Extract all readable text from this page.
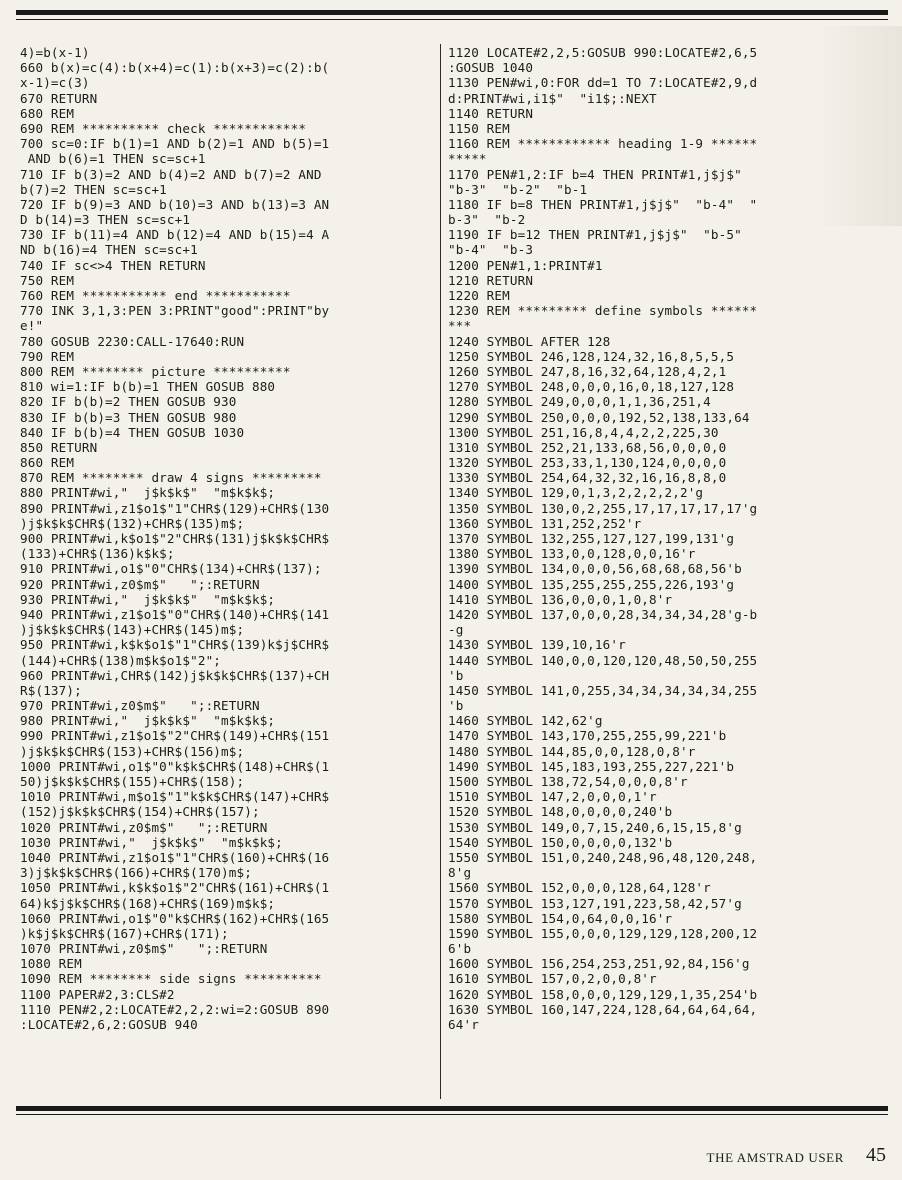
4)=b(x-1)
660 b(x)=c(4):b(x+4)=c(1):b(x+3)=c(2):b(
x-1)=c(3)
670 RETURN
680 REM
690 REM ********** check ************
700 sc=0:IF b(1)=1 AND b(2)=1 AND b(5)=1
AND b(6)=1 THEN sc=sc+1
710 IF b(3)=2 AND b(4)=2 AND b(7)=2 AND
b(7)=2 THEN sc=sc+1
720 IF b(9)=3 AND b(10)=3 AND b(13)=3 AN
D b(14)=3 THEN sc=sc+1
730 IF b(11)=4 AND b(12)=4 AND b(15)=4 A
ND b(16)=4 THEN sc=sc+1
740 IF sc<>4 THEN RETURN
750 REM
760 REM *********** end ***********
770 INK 3,1,3:PEN 3:PRINT"good":PRINT"by
e!"
780 GOSUB 2230:CALL-17640:RUN
790 REM
800 REM ******** picture **********
810 wi=1:IF b(b)=1 THEN GOSUB 880
820 IF b(b)=2 THEN GOSUB 930
830 IF b(b)=3 THEN GOSUB 980
840 IF b(b)=4 THEN GOSUB 1030
850 RETURN
860 REM
870 REM ******** draw 4 signs *********
880 PRINT#wi,"  j$k$k$"  "m$k$k$;
890 PRINT#wi,z1$o1$"1"CHR$(129)+CHR$(130
)j$k$k$CHR$(132)+CHR$(135)m$;
900 PRINT#wi,k$o1$"2"CHR$(131)j$k$k$CHR$
(133)+CHR$(136)k$k$;
910 PRINT#wi,o1$"0"CHR$(134)+CHR$(137);
920 PRINT#wi,z0$m$"   ";:RETURN
930 PRINT#wi,"  j$k$k$"  "m$k$k$;
940 PRINT#wi,z1$o1$"0"CHR$(140)+CHR$(141
)j$k$k$CHR$(143)+CHR$(145)m$;
950 PRINT#wi,k$k$o1$"1"CHR$(139)k$j$CHR$
(144)+CHR$(138)m$k$o1$"2";
960 PRINT#wi,CHR$(142)j$k$k$CHR$(137)+CH
R$(137);
970 PRINT#wi,z0$m$"   ";:RETURN
980 PRINT#wi,"  j$k$k$"  "m$k$k$;
990 PRINT#wi,z1$o1$"2"CHR$(149)+CHR$(151
)j$k$k$CHR$(153)+CHR$(156)m$;
1000 PRINT#wi,o1$"0"k$k$CHR$(148)+CHR$(1
50)j$k$k$CHR$(155)+CHR$(158);
1010 PRINT#wi,m$o1$"1"k$k$CHR$(147)+CHR$
(152)j$k$k$CHR$(154)+CHR$(157);
1020 PRINT#wi,z0$m$"   ";:RETURN
1030 PRINT#wi,"  j$k$k$"  "m$k$k$;
1040 PRINT#wi,z1$o1$"1"CHR$(160)+CHR$(16
3)j$k$k$CHR$(166)+CHR$(170)m$;
1050 PRINT#wi,k$k$o1$"2"CHR$(161)+CHR$(1
64)k$j$k$CHR$(168)+CHR$(169)m$k$;
1060 PRINT#wi,o1$"0"k$CHR$(162)+CHR$(165
)k$j$k$CHR$(167)+CHR$(171);
1070 PRINT#wi,z0$m$"   ";:RETURN
1080 REM
1090 REM ******** side signs **********
1100 PAPER#2,3:CLS#2
1110 PEN#2,2:LOCATE#2,2,2:wi=2:GOSUB 890
:LOCATE#2,6,2:GOSUB 940
1120 LOCATE#2,2,5:GOSUB 990:LOCATE#2,6,5
:GOSUB 1040
1130 PEN#wi,0:FOR dd=1 TO 7:LOCATE#2,9,d
d:PRINT#wi,i1$"  "i1$;:NEXT
1140 RETURN
1150 REM
1160 REM ************ heading 1-9 ******
*****
1170 PEN#1,2:IF b=4 THEN PRINT#1,j$j$"
"b-3"  "b-2"  "b-1
1180 IF b=8 THEN PRINT#1,j$j$"  "b-4"  "
b-3"  "b-2
1190 IF b=12 THEN PRINT#1,j$j$"  "b-5"
"b-4"  "b-3
1200 PEN#1,1:PRINT#1
1210 RETURN
1220 REM
1230 REM ********* define symbols ******
***
1240 SYMBOL AFTER 128
1250 SYMBOL 246,128,124,32,16,8,5,5,5
1260 SYMBOL 247,8,16,32,64,128,4,2,1
1270 SYMBOL 248,0,0,0,16,0,18,127,128
1280 SYMBOL 249,0,0,0,1,1,36,251,4
1290 SYMBOL 250,0,0,0,192,52,138,133,64
1300 SYMBOL 251,16,8,4,4,2,2,225,30
1310 SYMBOL 252,21,133,68,56,0,0,0,0
1320 SYMBOL 253,33,1,130,124,0,0,0,0
1330 SYMBOL 254,64,32,32,16,16,8,8,0
1340 SYMBOL 129,0,1,3,2,2,2,2,2'g
1350 SYMBOL 130,0,2,255,17,17,17,17,17'g
1360 SYMBOL 131,252,252'r
1370 SYMBOL 132,255,127,127,199,131'g
1380 SYMBOL 133,0,0,128,0,0,16'r
1390 SYMBOL 134,0,0,0,56,68,68,68,56'b
1400 SYMBOL 135,255,255,255,226,193'g
1410 SYMBOL 136,0,0,0,1,0,8'r
1420 SYMBOL 137,0,0,0,28,34,34,34,28'g-b
-g
1430 SYMBOL 139,10,16'r
1440 SYMBOL 140,0,0,120,120,48,50,50,255
'b
1450 SYMBOL 141,0,255,34,34,34,34,34,255
'b
1460 SYMBOL 142,62'g
1470 SYMBOL 143,170,255,255,99,221'b
1480 SYMBOL 144,85,0,0,128,0,8'r
1490 SYMBOL 145,183,193,255,227,221'b
1500 SYMBOL 138,72,54,0,0,0,8'r
1510 SYMBOL 147,2,0,0,0,1'r
1520 SYMBOL 148,0,0,0,0,240'b
1530 SYMBOL 149,0,7,15,240,6,15,15,8'g
1540 SYMBOL 150,0,0,0,0,132'b
1550 SYMBOL 151,0,240,248,96,48,120,248,
8'g
1560 SYMBOL 152,0,0,0,128,64,128'r
1570 SYMBOL 153,127,191,223,58,42,57'g
1580 SYMBOL 154,0,64,0,0,16'r
1590 SYMBOL 155,0,0,0,129,129,128,200,12
6'b
1600 SYMBOL 156,254,253,251,92,84,156'g
1610 SYMBOL 157,0,2,0,0,8'r
1620 SYMBOL 158,0,0,0,129,129,1,35,254'b
1630 SYMBOL 160,147,224,128,64,64,64,64,
64'r
THE AMSTRAD USER 45
